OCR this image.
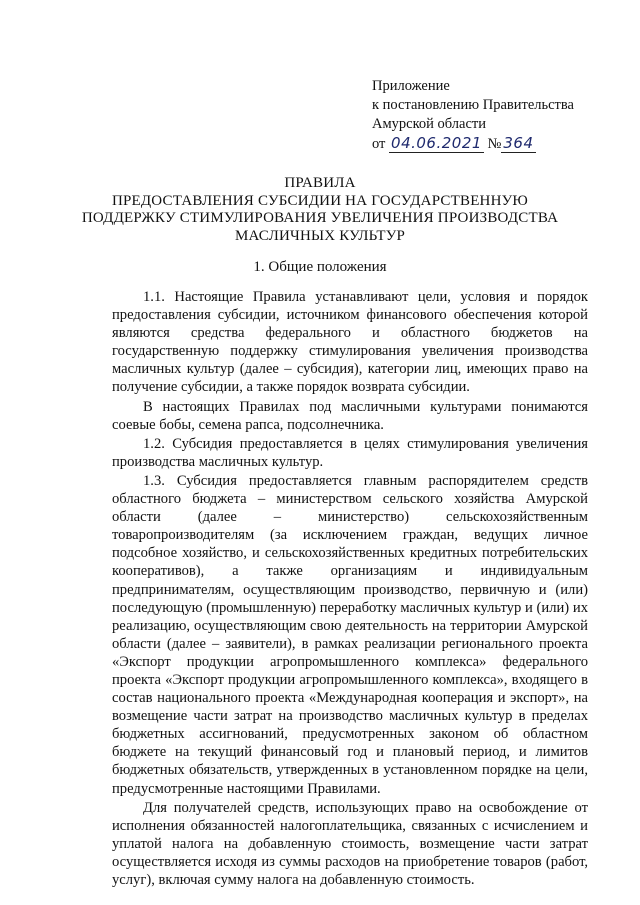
Приложение
к постановлению Правительства
Амурской области
от 04.06.2021 № 364
ПРАВИЛА
ПРЕДОСТАВЛЕНИЯ СУБСИДИИ НА ГОСУДАРСТВЕННУЮ
ПОДДЕРЖКУ СТИМУЛИРОВАНИЯ УВЕЛИЧЕНИЯ ПРОИЗВОДСТВА
МАСЛИЧНЫХ КУЛЬТУР
1. Общие положения

1.1. Настоящие Правила устанавливают цели, условия и порядок предоставления субсидии, источником финансового обеспечения которой являются средства федерального и областного бюджетов на государственную поддержку стимулирования увеличения производства масличных культур (далее – субсидия), категории лиц, имеющих право на получение субсидии, а также порядок возврата субсидии.

В настоящих Правилах под масличными культурами понимаются соевые бобы, семена рапса, подсолнечника.

1.2. Субсидия предоставляется в целях стимулирования увеличения производства масличных культур.

1.3. Субсидия предоставляется главным распорядителем средств областного бюджета – министерством сельского хозяйства Амурской области (далее – министерство) сельскохозяйственным товаропроизводителям (за исключением граждан, ведущих личное подсобное хозяйство, и сельскохозяйственных кредитных потребительских кооперативов), а также организациям и индивидуальным предпринимателям, осуществляющим производство, первичную и (или) последующую (промышленную) переработку масличных культур и (или) их реализацию, осуществляющим свою деятельность на территории Амурской области (далее – заявители), в рамках реализации регионального проекта «Экспорт продукции агропромышленного комплекса» федерального проекта «Экспорт продукции агропромышленного комплекса», входящего в состав национального проекта «Международная кооперация и экспорт», на возмещение части затрат на производство масличных культур в пределах бюджетных ассигнований, предусмотренных законом об областном бюджете на текущий финансовый год и плановый период, и лимитов бюджетных обязательств, утвержденных в установленном порядке на цели, предусмотренные настоящими Правилами.

Для получателей средств, использующих право на освобождение от исполнения обязанностей налогоплательщика, связанных с исчислением и уплатой налога на добавленную стоимость, возмещение части затрат осуществляется исходя из суммы расходов на приобретение товаров (работ, услуг), включая сумму налога на добавленную стоимость.
